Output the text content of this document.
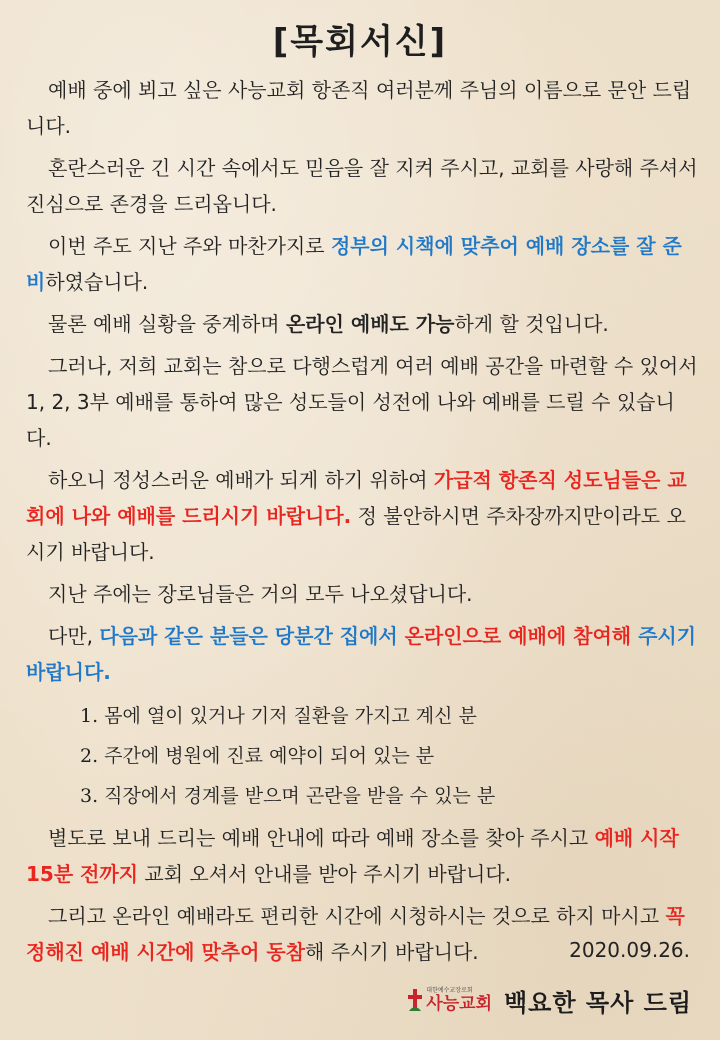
[목회서신]

예배 중에 뵈고 싶은 사능교회 항존직 여러분께 주님의 이름으로 문안 드립니다.

혼란스러운 긴 시간 속에서도 믿음을 잘 지켜 주시고, 교회를 사랑해 주셔서 진심으로 존경을 드리옵니다.

이번 주도 지난 주와 마찬가지로 정부의 시책에 맞추어 예배 장소를 잘 준비하였습니다.

물론 예배 실황을 중계하며 온라인 예배도 가능하게 할 것입니다.

그러나, 저희 교회는 참으로 다행스럽게 여러 예배 공간을 마련할 수 있어서 1, 2, 3부 예배를 통하여 많은 성도들이 성전에 나와 예배를 드릴 수 있습니다.

하오니 정성스러운 예배가 되게 하기 위하여 가급적 항존직 성도님들은 교회에 나와 예배를 드리시기 바랍니다. 정 불안하시면 주차장까지만이라도 오시기 바랍니다.

지난 주에는 장로님들은 거의 모두 나오셨답니다.

다만, 다음과 같은 분들은 당분간 집에서 온라인으로 예배에 참여해 주시기 바랍니다.

1. 몸에 열이 있거나 기저 질환을 가지고 계신 분
2. 주간에 병원에 진료 예약이 되어 있는 분
3. 직장에서 경계를 받으며 곤란을 받을 수 있는 분

별도로 보내 드리는 예배 안내에 따라 예배 장소를 찾아 주시고 예배 시작 15분 전까지 교회 오셔서 안내를 받아 주시기 바랍니다.

그리고 온라인 예배라도 편리한 시간에 시청하시는 것으로 하지 마시고 꼭 정해진 예배 시간에 맞추어 동참해 주시기 바랍니다.	2020.09.26.
대한예수교장로회
사능교회 백요한 목사 드림
